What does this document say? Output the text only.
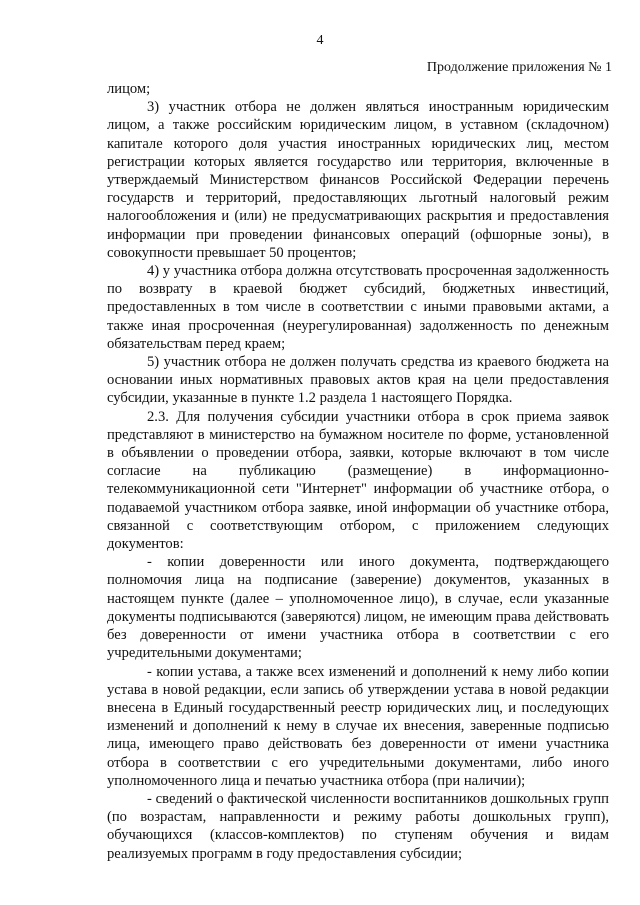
4
Продолжение приложения № 1

лицом;

3) участник отбора не должен являться иностранным юридическим лицом, а также российским юридическим лицом, в уставном (складочном) капитале которого доля участия иностранных юридических лиц, местом регистрации которых является государство или территория, включенные в утверждаемый Министерством финансов Российской Федерации перечень государств и территорий, предоставляющих льготный налоговый режим налогообложения и (или) не предусматривающих раскрытия и предоставления информации при проведении финансовых операций (офшорные зоны), в совокупности превышает 50 процентов;

4) у участника отбора должна отсутствовать просроченная задолженность по возврату в краевой бюджет субсидий, бюджетных инвестиций, предоставленных в том числе в соответствии с иными правовыми актами, а также иная просроченная (неурегулированная) задолженность по денежным обязательствам перед краем;

5) участник отбора не должен получать средства из краевого бюджета на основании иных нормативных правовых актов края на цели предоставления субсидии, указанные в пункте 1.2 раздела 1 настоящего Порядка.

2.3. Для получения субсидии участники отбора в срок приема заявок представляют в министерство на бумажном носителе по форме, установленной в объявлении о проведении отбора, заявки, которые включают в том числе согласие на публикацию (размещение) в информационно-телекоммуникационной сети "Интернет" информации об участнике отбора, о подаваемой участником отбора заявке, иной информации об участнике отбора, связанной с соответствующим отбором, с приложением следующих документов:

- копии доверенности или иного документа, подтверждающего полномочия лица на подписание (заверение) документов, указанных в настоящем пункте (далее – уполномоченное лицо), в случае, если указанные документы подписываются (заверяются) лицом, не имеющим права действовать без доверенности от имени участника отбора в соответствии с его учредительными документами;

- копии устава, а также всех изменений и дополнений к нему либо копии устава в новой редакции, если запись об утверждении устава в новой редакции внесена в Единый государственный реестр юридических лиц, и последующих изменений и дополнений к нему в случае их внесения, заверенные подписью лица, имеющего право действовать без доверенности от имени участника отбора в соответствии с его учредительными документами, либо иного уполномоченного лица и печатью участника отбора (при наличии);

- сведений о фактической численности воспитанников дошкольных групп (по возрастам, направленности и режиму работы дошкольных групп), обучающихся (классов-комплектов) по ступеням обучения и видам реализуемых программ в году предоставления субсидии;
